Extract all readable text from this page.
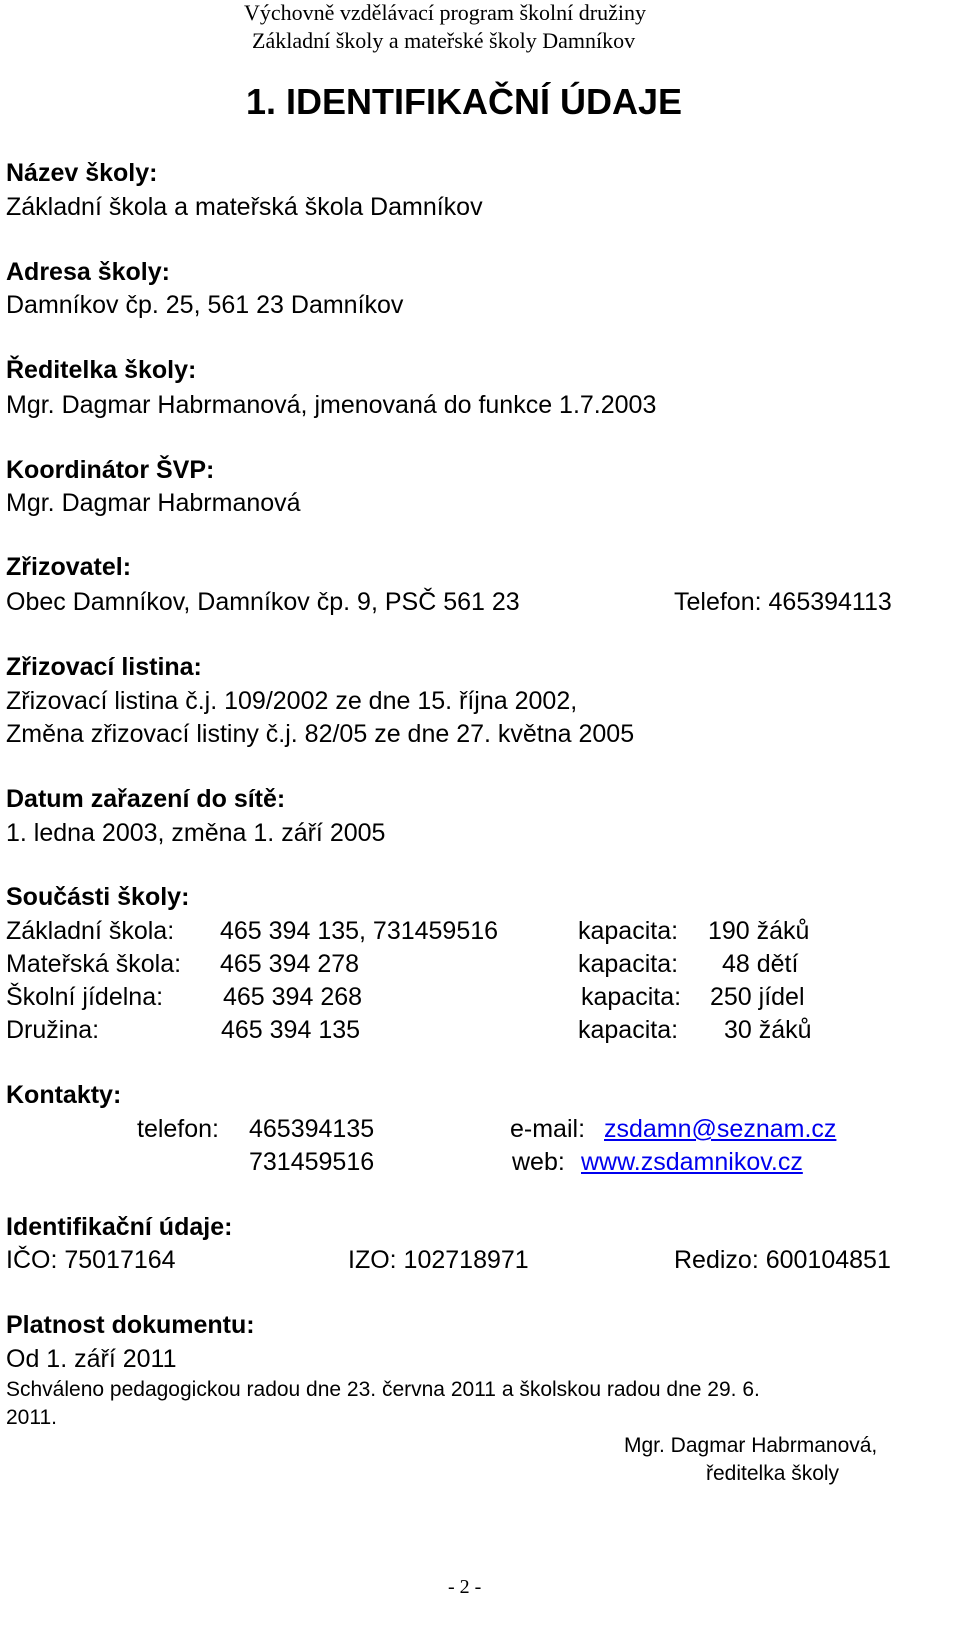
Výchovně vzdělávací program školní družiny
Základní školy a mateřské školy Damníkov
1. IDENTIFIKAČNÍ ÚDAJE
Název školy:
Základní škola a mateřská škola Damníkov
Adresa školy:
Damníkov čp. 25, 561 23 Damníkov
Ředitelka školy:
Mgr. Dagmar Habrmanová, jmenovaná do funkce 1.7.2003
Koordinátor ŠVP:
Mgr. Dagmar Habrmanová
Zřizovatel:
Obec Damníkov, Damníkov čp. 9, PSČ 561 23	Telefon: 465394113
Zřizovací listina:
Zřizovací listina č.j. 109/2002 ze dne 15. října 2002,
Změna zřizovací listiny č.j. 82/05 ze dne 27. května 2005
Datum zařazení do sítě:
1. ledna 2003, změna 1. září 2005
Součásti školy:
Základní škola: 465 394 135, 731459516	kapacita: 190 žáků
Mateřská škola: 465 394 278	kapacita: 48 dětí
Školní jídelna: 465 394 268	kapacita: 250 jídel
Družina:	465 394 135	kapacita: 30 žáků
Kontakty:
telefon: 465394135
731459516
e-mail: zsdamn@seznam.cz
web: www.zsdamnikov.cz
Identifikační údaje:
IČO: 75017164	IZO: 102718971	Redizo: 600104851
Platnost dokumentu:
Od 1. září 2011
Schváleno pedagogickou radou dne 23. června 2011 a školskou radou dne 29. 6.
2011.
Mgr. Dagmar Habrmanová,
ředitelka školy
- 2 -
